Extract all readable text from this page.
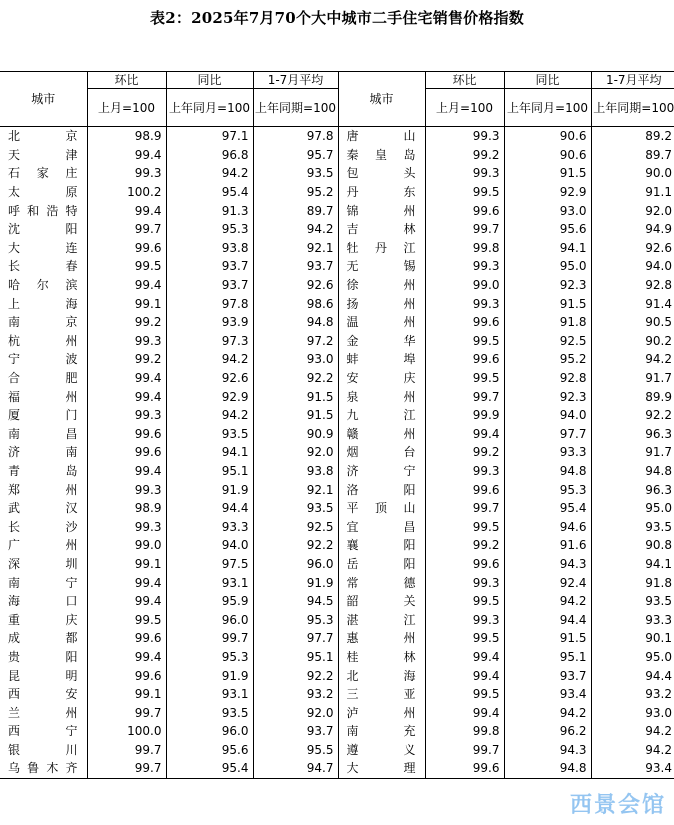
表2：2025年7月70个大中城市二手住宅销售价格指数
城市	环比	同比	1-7月平均	城市	环比	同比	1-7月平均
	上月=100	上年同月=100	上年同期=100		上月=100	上年同月=100	上年同期=100
北京	98.9	97.1	97.8	唐山	99.3	90.6	89.2
天津	99.4	96.8	95.7	秦皇岛	99.2	90.6	89.7
石家庄	99.3	94.2	93.5	包头	99.3	91.5	90.0
太原	100.2	95.4	95.2	丹东	99.5	92.9	91.1
呼和浩特	99.4	91.3	89.7	锦州	99.6	93.0	92.0
沈阳	99.7	95.3	94.2	吉林	99.7	95.6	94.9
大连	99.6	93.8	92.1	牡丹江	99.8	94.1	92.6
长春	99.5	93.7	93.7	无锡	99.3	95.0	94.0
哈尔滨	99.4	93.7	92.6	徐州	99.0	92.3	92.8
上海	99.1	97.8	98.6	扬州	99.3	91.5	91.4
南京	99.2	93.9	94.8	温州	99.6	91.8	90.5
杭州	99.3	97.3	97.2	金华	99.5	92.5	90.2
宁波	99.2	94.2	93.0	蚌埠	99.6	95.2	94.2
合肥	99.4	92.6	92.2	安庆	99.5	92.8	91.7
福州	99.4	92.9	91.5	泉州	99.7	92.3	89.9
厦门	99.3	94.2	91.5	九江	99.9	94.0	92.2
南昌	99.6	93.5	90.9	赣州	99.4	97.7	96.3
济南	99.6	94.1	92.0	烟台	99.2	93.3	91.7
青岛	99.4	95.1	93.8	济宁	99.3	94.8	94.8
郑州	99.3	91.9	92.1	洛阳	99.6	95.3	96.3
武汉	98.9	94.4	93.5	平顶山	99.7	95.4	95.0
长沙	99.3	93.3	92.5	宜昌	99.5	94.6	93.5
广州	99.0	94.0	92.2	襄阳	99.2	91.6	90.8
深圳	99.1	97.5	96.0	岳阳	99.6	94.3	94.1
南宁	99.4	93.1	91.9	常德	99.3	92.4	91.8
海口	99.4	95.9	94.5	韶关	99.5	94.2	93.5
重庆	99.5	96.0	95.3	湛江	99.3	94.4	93.3
成都	99.6	99.7	97.7	惠州	99.5	91.5	90.1
贵阳	99.4	95.3	95.1	桂林	99.4	95.1	95.0
昆明	99.6	91.9	92.2	北海	99.4	93.7	94.4
西安	99.1	93.1	93.2	三亚	99.5	93.4	93.2
兰州	99.7	93.5	92.0	泸州	99.4	94.2	93.0
西宁	100.0	96.0	93.7	南充	99.8	96.2	94.2
银川	99.7	95.6	95.5	遵义	99.7	94.3	94.2
乌鲁木齐	99.7	95.4	94.7	大理	99.6	94.8	93.4
西景会馆
